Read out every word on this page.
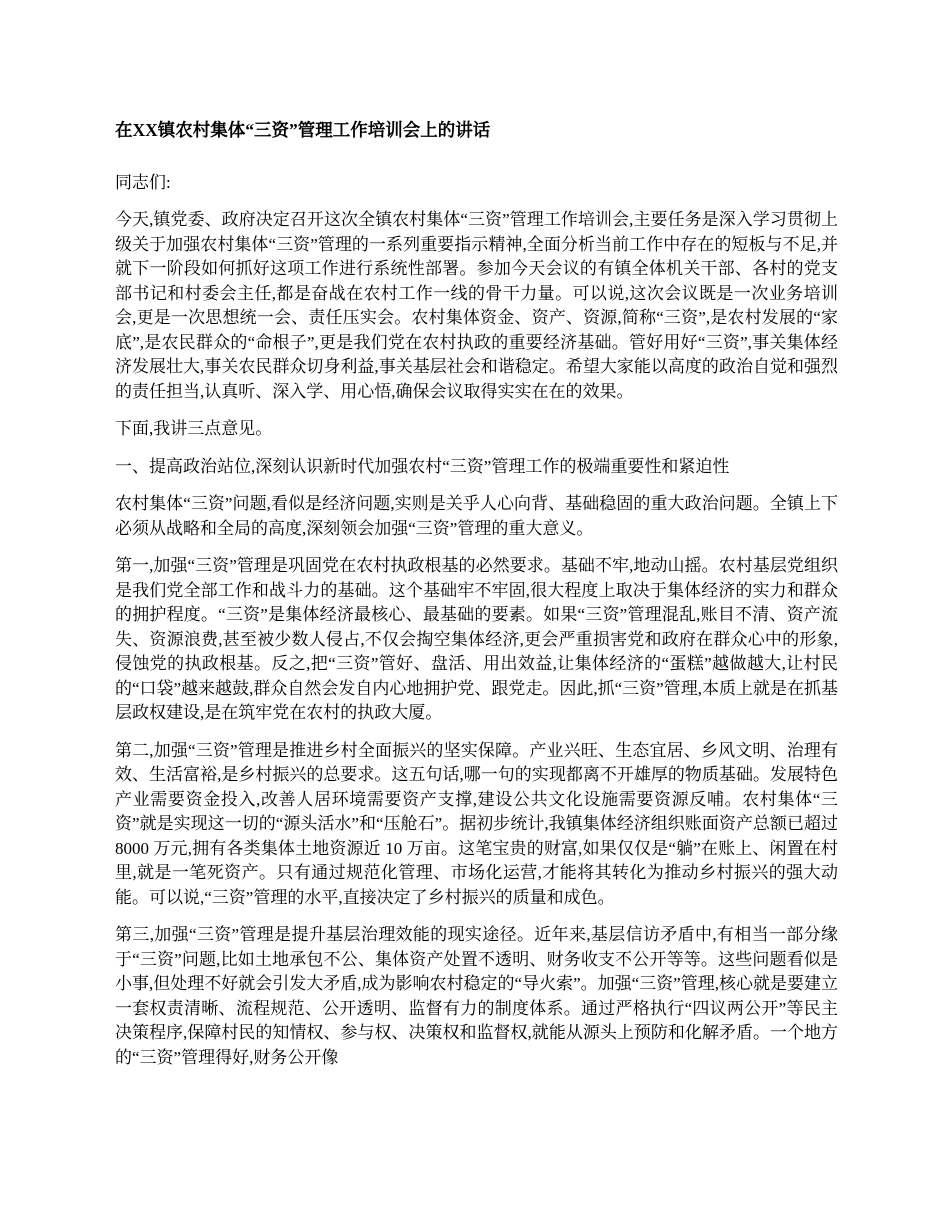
在XX镇农村集体“三资”管理工作培训会上的讲话

同志们:

今天,镇党委、政府决定召开这次全镇农村集体“三资”管理工作培训会,主要任务是深入学习贯彻上级关于加强农村集体“三资”管理的一系列重要指示精神,全面分析当前工作中存在的短板与不足,并就下一阶段如何抓好这项工作进行系统性部署。参加今天会议的有镇全体机关干部、各村的党支部书记和村委会主任,都是奋战在农村工作一线的骨干力量。可以说,这次会议既是一次业务培训会,更是一次思想统一会、责任压实会。农村集体资金、资产、资源,简称“三资”,是农村发展的“家底”,是农民群众的“命根子”,更是我们党在农村执政的重要经济基础。管好用好“三资”,事关集体经济发展壮大,事关农民群众切身利益,事关基层社会和谐稳定。希望大家能以高度的政治自觉和强烈的责任担当,认真听、深入学、用心悟,确保会议取得实实在在的效果。

下面,我讲三点意见。

一、提高政治站位,深刻认识新时代加强农村“三资”管理工作的极端重要性和紧迫性

农村集体“三资”问题,看似是经济问题,实则是关乎人心向背、基础稳固的重大政治问题。全镇上下必须从战略和全局的高度,深刻领会加强“三资”管理的重大意义。

第一,加强“三资”管理是巩固党在农村执政根基的必然要求。基础不牢,地动山摇。农村基层党组织是我们党全部工作和战斗力的基础。这个基础牢不牢固,很大程度上取决于集体经济的实力和群众的拥护程度。“三资”是集体经济最核心、最基础的要素。如果“三资”管理混乱,账目不清、资产流失、资源浪费,甚至被少数人侵占,不仅会掏空集体经济,更会严重损害党和政府在群众心中的形象,侵蚀党的执政根基。反之,把“三资”管好、盘活、用出效益,让集体经济的“蛋糕”越做越大,让村民的“口袋”越来越鼓,群众自然会发自内心地拥护党、跟党走。因此,抓“三资”管理,本质上就是在抓基层政权建设,是在筑牢党在农村的执政大厦。

第二,加强“三资”管理是推进乡村全面振兴的坚实保障。产业兴旺、生态宜居、乡风文明、治理有效、生活富裕,是乡村振兴的总要求。这五句话,哪一句的实现都离不开雄厚的物质基础。发展特色产业需要资金投入,改善人居环境需要资产支撑,建设公共文化设施需要资源反哺。农村集体“三资”就是实现这一切的“源头活水”和“压舱石”。据初步统计,我镇集体经济组织账面资产总额已超过 8000 万元,拥有各类集体土地资源近 10 万亩。这笔宝贵的财富,如果仅仅是“躺”在账上、闲置在村里,就是一笔死资产。只有通过规范化管理、市场化运营,才能将其转化为推动乡村振兴的强大动能。可以说,“三资”管理的水平,直接决定了乡村振兴的质量和成色。

第三,加强“三资”管理是提升基层治理效能的现实途径。近年来,基层信访矛盾中,有相当一部分缘于“三资”问题,比如土地承包不公、集体资产处置不透明、财务收支不公开等等。这些问题看似是小事,但处理不好就会引发大矛盾,成为影响农村稳定的“导火索”。加强“三资”管理,核心就是要建立一套权责清晰、流程规范、公开透明、监督有力的制度体系。通过严格执行“四议两公开”等民主决策程序,保障村民的知情权、参与权、决策权和监督权,就能从源头上预防和化解矛盾。一个地方的“三资”管理得好,财务公开像
